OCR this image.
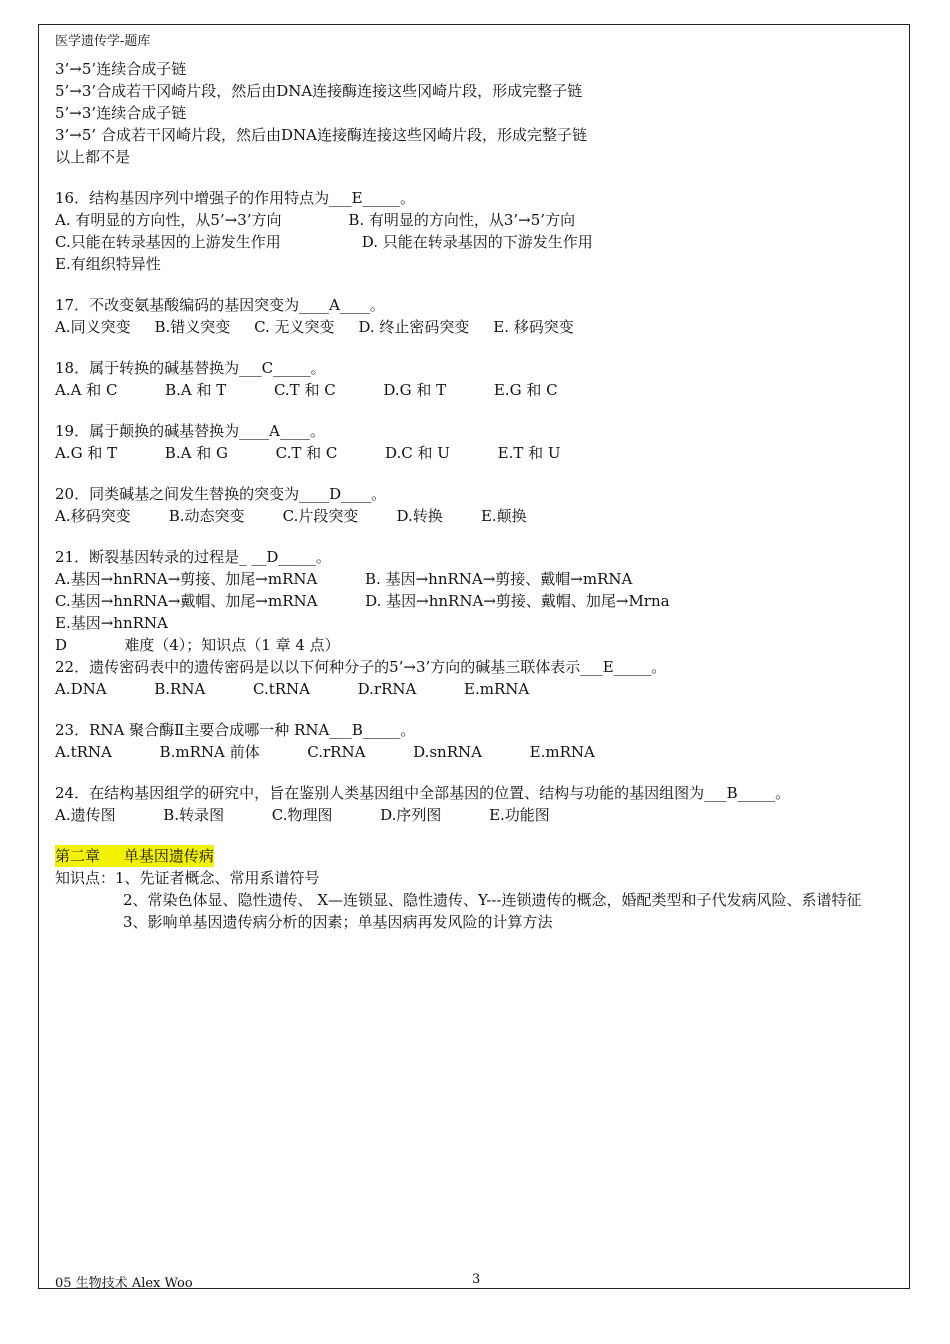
医学遗传学-题库
3’→5’连续合成子链
5’→3’合成若干冈崎片段，然后由DNA连接酶连接这些冈崎片段，形成完整子链
5’→3’连续合成子链
3’→5’ 合成若干冈崎片段，然后由DNA连接酶连接这些冈崎片段，形成完整子链
以上都不是
16．结构基因序列中增强子的作用特点为___E_____。
A. 有明显的方向性，从5’→3’方向              B. 有明显的方向性，从3’→5’方向
C.只能在转录基因的上游发生作用                 D. 只能在转录基因的下游发生作用
E.有组织特异性
17．不改变氨基酸编码的基因突变为____A____。
A.同义突变     B.错义突变     C. 无义突变     D. 终止密码突变     E. 移码突变
18．属于转换的碱基替换为___C_____。
A.A 和 C          B.A 和 T          C.T 和 C          D.G 和 T          E.G 和 C
19．属于颠换的碱基替换为____A____。
A.G 和 T          B.A 和 G          C.T 和 C          D.C 和 U          E.T 和 U
20．同类碱基之间发生替换的突变为____D____。
A.移码突变        B.动态突变        C.片段突变        D.转换        E.颠换
21．断裂基因转录的过程是_ __D_____。
A.基因→hnRNA→剪接、加尾→mRNA          B. 基因→hnRNA→剪接、戴帽→mRNA
C.基因→hnRNA→戴帽、加尾→mRNA          D. 基因→hnRNA→剪接、戴帽、加尾→Mrna
E.基因→hnRNA
D            难度（4）；知识点（1 章 4 点）
22．遗传密码表中的遗传密码是以以下何种分子的5’→3’方向的碱基三联体表示___E_____。
A.DNA          B.RNA          C.tRNA          D.rRNA          E.mRNA
23．RNA 聚合酶Ⅱ主要合成哪一种 RNA___B_____。
A.tRNA          B.mRNA 前体          C.rRNA          D.snRNA          E.mRNA
24．在结构基因组学的研究中，旨在鉴别人类基因组中全部基因的位置、结构与功能的基因组图为___B_____。
A.遗传图          B.转录图          C.物理图          D.序列图          E.功能图
第二章     单基因遗传病
知识点：1、先证者概念、常用系谱符号
2、常染色体显、隐性遗传、 X—连锁显、隐性遗传、Y---连锁遗传的概念，婚配类型和子代发病风险、系谱特征
3、影响单基因遗传病分析的因素；单基因病再发风险的计算方法
05 生物技术 Alex Woo	3
